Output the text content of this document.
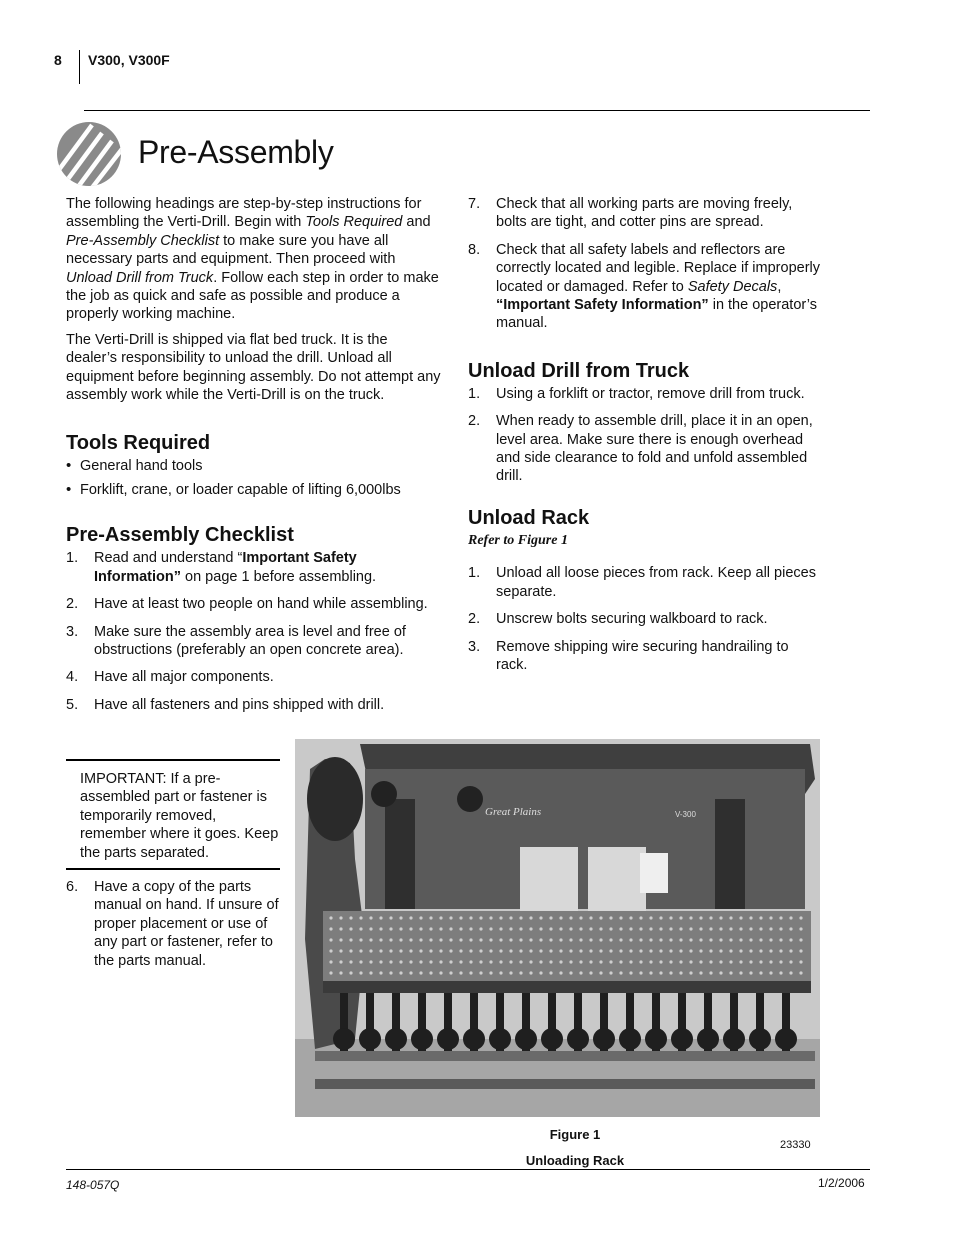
8 V300, V300F
Pre-Assembly

The following headings are step-by-step instructions for assembling the Verti-Drill. Begin with Tools Required and Pre-Assembly Checklist to make sure you have all necessary parts and equipment. Then proceed with Unload Drill from Truck. Follow each step in order to make the job as quick and safe as possible and produce a properly working machine.

The Verti-Drill is shipped via flat bed truck. It is the dealer’s responsibility to unload the drill. Unload all equipment before beginning assembly. Do not attempt any assembly work while the Verti-Drill is on the truck.

Tools Required
• General hand tools
• Forklift, crane, or loader capable of lifting 6,000lbs
Pre-Assembly Checklist
1. Read and understand “Important Safety Information” on page 1 before assembling.
2. Have at least two people on hand while assembling.
3. Make sure the assembly area is level and free of obstructions (preferably an open concrete area).
4. Have all major components.
5. Have all fasteners and pins shipped with drill.
IMPORTANT: If a pre-assembled part or fastener is temporarily removed, remember where it goes. Keep the parts separated.
6. Have a copy of the parts manual on hand. If unsure of proper placement or use of any part or fastener, refer to the parts manual.
7. Check that all working parts are moving freely, bolts are tight, and cotter pins are spread.
8. Check that all safety labels and reflectors are correctly located and legible. Replace if improperly located or damaged. Refer to Safety Decals, “Important Safety Information” in the operator’s manual.
Unload Drill from Truck
1. Using a forklift or tractor, remove drill from truck.
2. When ready to assemble drill, place it in an open, level area. Make sure there is enough overhead and side clearance to fold and unfold assembled drill.
Unload Rack
Refer to Figure 1
1. Unload all loose pieces from rack. Keep all pieces separate.
2. Unscrew bolts securing walkboard to rack.
3. Remove shipping wire securing handrailing to rack.
Great Plains	V-300
Figure 1
23330
Unloading Rack
148-057Q	1/2/2006
